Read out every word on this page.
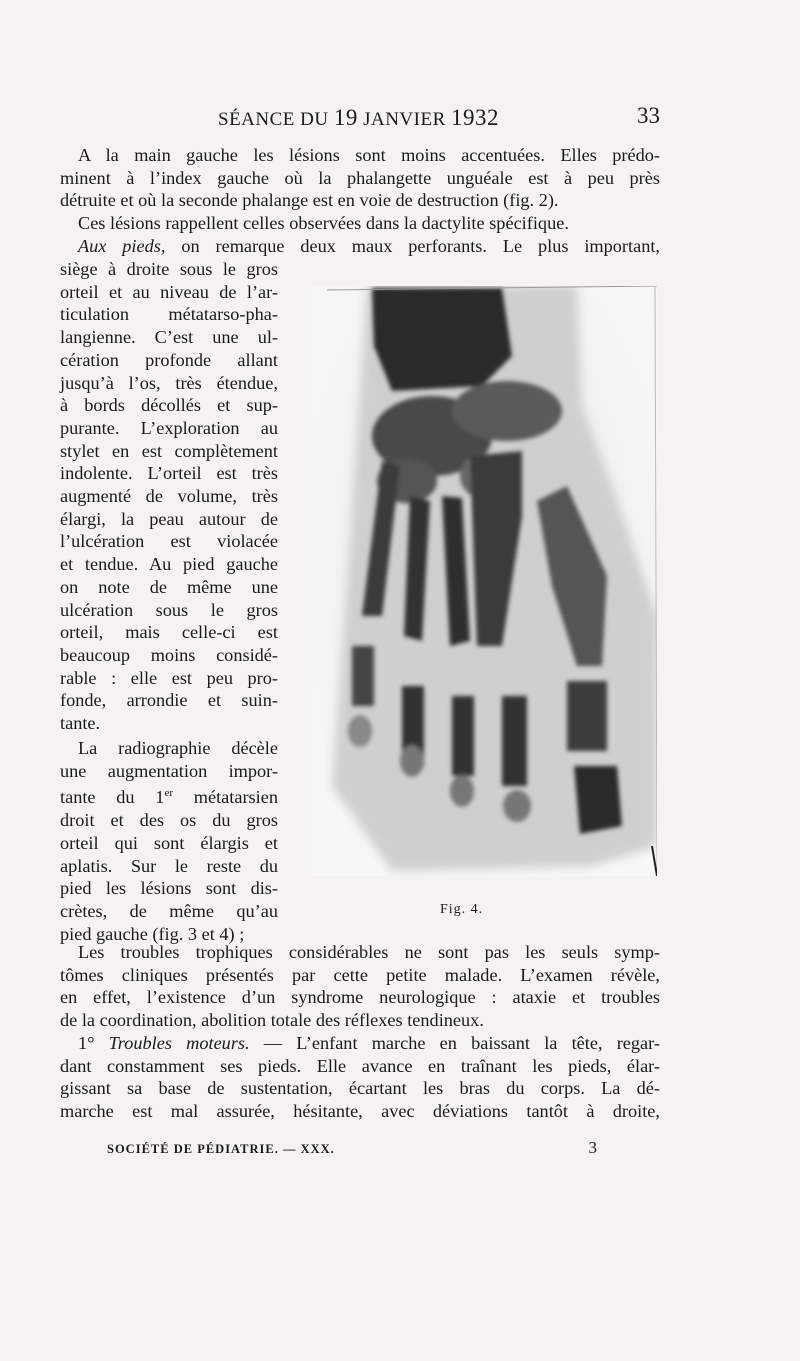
SÉANCE DU 19 JANVIER 1932	33
A la main gauche les lésions sont moins accentuées. Elles prédo-
minent à l’index gauche où la phalangette unguéale est à peu près
détruite et où la seconde phalange est en voie de destruction (fig. 2).
Ces lésions rappellent celles observées dans la dactylite spécifique.
Aux pieds, on remarque deux maux perforants. Le plus important,
siège à droite sous le gros
orteil et au niveau de l’ar-
ticulation métatarso-pha-
langienne. C’est une ul-
cération profonde allant
jusqu’à l’os, très étendue,
à bords décollés et sup-
purante. L’exploration au
stylet en est complètement
indolente. L’orteil est très
augmenté de volume, très
élargi, la peau autour de
l’ulcération est violacée
et tendue. Au pied gauche
on note de même une
ulcération sous le gros
orteil, mais celle-ci est
beaucoup moins considé-
rable : elle est peu pro-
fonde, arrondie et suin-
tante.
La radiographie décèle
une augmentation impor-
tante du 1er métatarsien
droit et des os du gros
orteil qui sont élargis et
aplatis. Sur le reste du
pied les lésions sont dis-
crètes, de même qu’au
pied gauche (fig. 3 et 4) ;
Fig. 4.
Les troubles trophiques considérables ne sont pas les seuls symp-
tômes cliniques présentés par cette petite malade. L’examen révèle,
en effet, l’existence d’un syndrome neurologique : ataxie et troubles
de la coordination, abolition totale des réflexes tendineux.
1° Troubles moteurs. — L’enfant marche en baissant la tête, regar-
dant constamment ses pieds. Elle avance en traînant les pieds, élar-
gissant sa base de sustentation, écartant les bras du corps. La dé-
marche est mal assurée, hésitante, avec déviations tantôt à droite,
SOCIÉTÉ DE PÉDIATRIE. — XXX.	3
